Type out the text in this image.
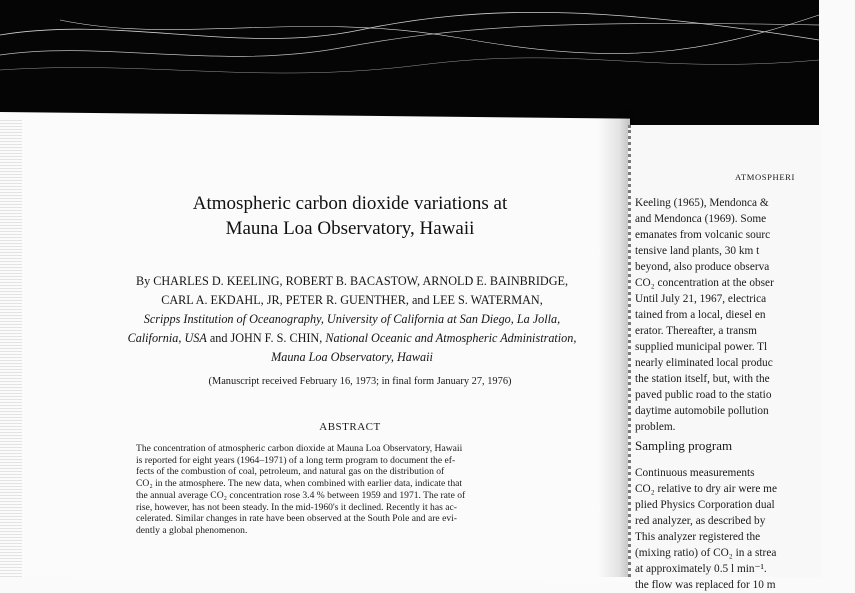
Atmospheric carbon dioxide variations at
Mauna Loa Observatory, Hawaii
By CHARLES D. KEELING, ROBERT B. BACASTOW, ARNOLD E. BAINBRIDGE,
CARL A. EKDAHL, JR, PETER R. GUENTHER, and LEE S. WATERMAN,
Scripps Institution of Oceanography, University of California at San Diego, La Jolla,
California, USA and JOHN F. S. CHIN, National Oceanic and Atmospheric Administration,
Mauna Loa Observatory, Hawaii
(Manuscript received February 16, 1973; in final form January 27, 1976)
ABSTRACT
The concentration of atmospheric carbon dioxide at Mauna Loa Observatory, Hawaii
is reported for eight years (1964–1971) of a long term program to document the ef-
fects of the combustion of coal, petroleum, and natural gas on the distribution of
CO₂ in the atmosphere. The new data, when combined with earlier data, indicate that
the annual average CO₂ concentration rose 3.4 % between 1959 and 1971. The rate of
rise, however, has not been steady. In the mid-1960's it declined. Recently it has ac-
celerated. Similar changes in rate have been observed at the South Pole and are evi-
dently a global phenomenon.
ATMOSPHERI
Keeling (1965), Mendonca &
and Mendonca (1969). Some
emanates from volcanic sourc
tensive land plants, 30 km t
beyond, also produce observa
CO₂ concentration at the obser
Until July 21, 1967, electrica
tained from a local, diesel en
erator. Thereafter, a transm
supplied municipal power. Tl
nearly eliminated local produc
the station itself, but, with the
paved public road to the statio
daytime automobile pollution
problem.
Sampling program
Continuous measurements
CO₂ relative to dry air were me
plied Physics Corporation dual
red analyzer, as described by
This analyzer registered the
(mixing ratio) of CO₂ in a strea
at approximately 0.5 l min⁻¹.
the flow was replaced for 10 m
